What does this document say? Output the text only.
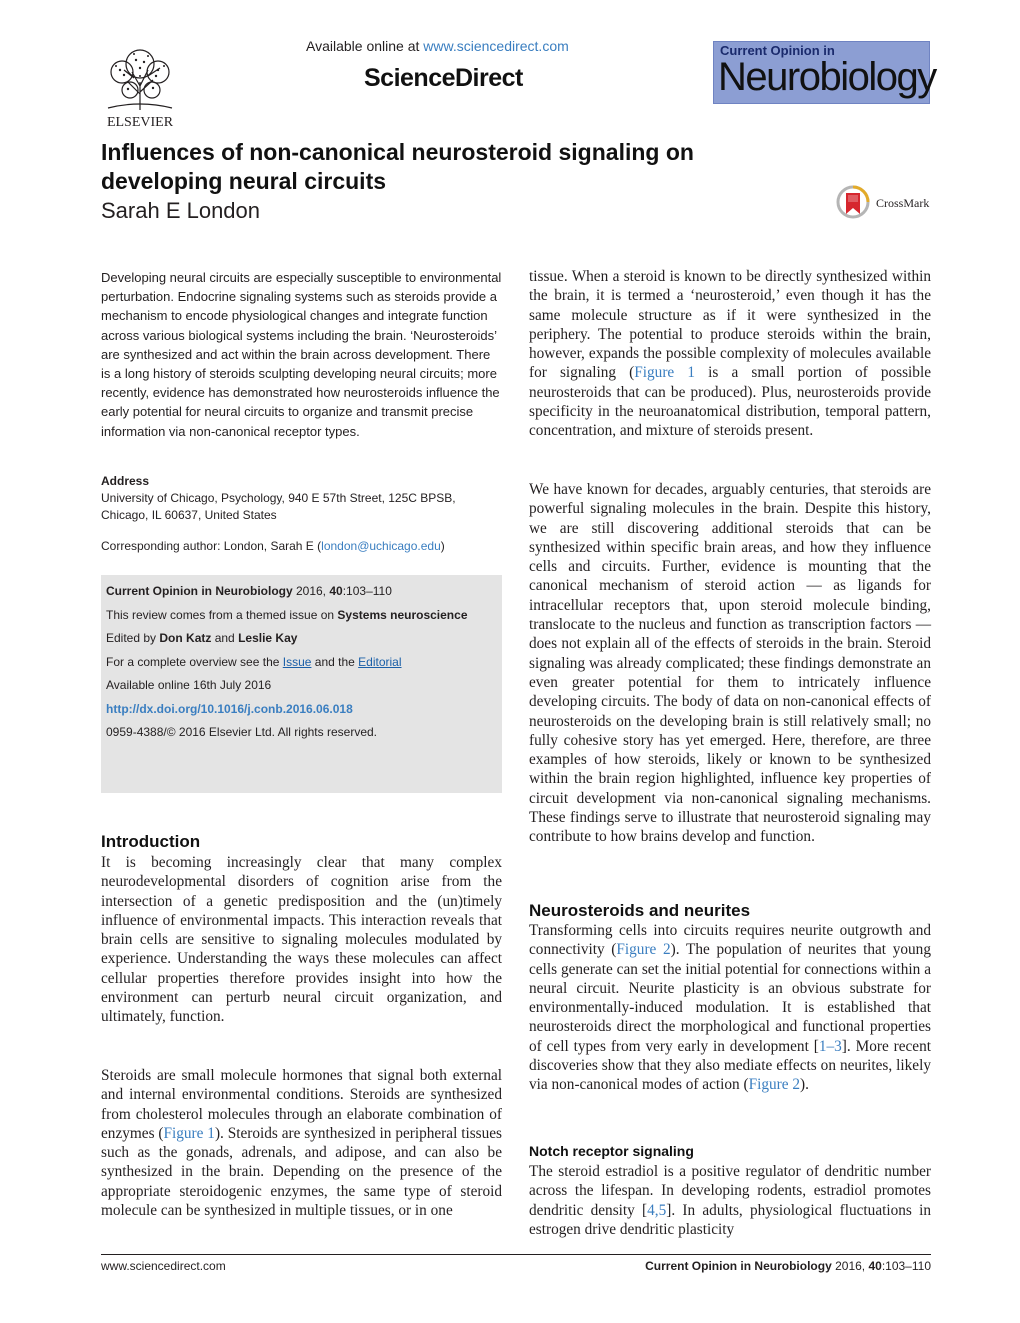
ELSEVIER
Available online at www.sciencedirect.com
ScienceDirect
Current Opinion in
Neurobiology
Influences of non-canonical neurosteroid signaling on developing neural circuits
Sarah E London	CrossMark
Developing neural circuits are especially susceptible to environmental perturbation. Endocrine signaling systems such as steroids provide a mechanism to encode physiological changes and integrate function across various biological systems including the brain. ‘Neurosteroids’ are synthesized and act within the brain across development. There is a long history of steroids sculpting developing neural circuits; more recently, evidence has demonstrated how neurosteroids influence the early potential for neural circuits to organize and transmit precise information via non-canonical receptor types.
Address
University of Chicago, Psychology, 940 E 57th Street, 125C BPSB,
Chicago, IL 60637, United States
Corresponding author: London, Sarah E (london@uchicago.edu)
Current Opinion in Neurobiology 2016, 40:103–110
This review comes from a themed issue on Systems neuroscience
Edited by Don Katz and Leslie Kay
For a complete overview see the Issue and the Editorial
Available online 16th July 2016
http://dx.doi.org/10.1016/j.conb.2016.06.018
0959-4388/© 2016 Elsevier Ltd. All rights reserved.
Introduction

It is becoming increasingly clear that many complex neurodevelopmental disorders of cognition arise from the intersection of a genetic predisposition and the (un)timely influence of environmental impacts. This interaction reveals that brain cells are sensitive to signaling molecules modulated by experience. Understanding the ways these molecules can affect cellular properties therefore provides insight into how the environment can perturb neural circuit organization, and ultimately, function.

Steroids are small molecule hormones that signal both external and internal environmental conditions. Steroids are synthesized from cholesterol molecules through an elaborate combination of enzymes (Figure 1). Steroids are synthesized in peripheral tissues such as the gonads, adrenals, and adipose, and can also be synthesized in the brain. Depending on the presence of the appropriate steroidogenic enzymes, the same type of steroid molecule can be synthesized in multiple tissues, or in one

tissue. When a steroid is known to be directly synthesized within the brain, it is termed a ‘neurosteroid,’ even though it has the same molecule structure as if it were synthesized in the periphery. The potential to produce steroids within the brain, however, expands the possible complexity of molecules available for signaling (Figure 1 is a small portion of possible neurosteroids that can be produced). Plus, neurosteroids provide specificity in the neuroanatomical distribution, temporal pattern, concentration, and mixture of steroids present.

We have known for decades, arguably centuries, that steroids are powerful signaling molecules in the brain. Despite this history, we are still discovering additional steroids that can be synthesized within specific brain areas, and how they influence cells and circuits. Further, evidence is mounting that the canonical mechanism of steroid action — as ligands for intracellular receptors that, upon steroid molecule binding, translocate to the nucleus and function as transcription factors — does not explain all of the effects of steroids in the brain. Steroid signaling was already complicated; these findings demonstrate an even greater potential for them to intricately influence developing circuits. The body of data on non-canonical effects of neurosteroids on the developing brain is still relatively small; no fully cohesive story has yet emerged. Here, therefore, are three examples of how steroids, likely or known to be synthesized within the brain region highlighted, influence key properties of circuit development via non-canonical signaling mechanisms. These findings serve to illustrate that neurosteroid signaling may contribute to how brains develop and function.

Neurosteroids and neurites

Transforming cells into circuits requires neurite outgrowth and connectivity (Figure 2). The population of neurites that young cells generate can set the initial potential for connections within a neural circuit. Neurite plasticity is an obvious substrate for environmentally-induced modulation. It is established that neurosteroids direct the morphological and functional properties of cell types from very early in development [1–3]. More recent discoveries show that they also mediate effects on neurites, likely via non-canonical modes of action (Figure 2).

Notch receptor signaling

The steroid estradiol is a positive regulator of dendritic number across the lifespan. In developing rodents, estradiol promotes dendritic density [4,5]. In adults, physiological fluctuations in estrogen drive dendritic plasticity

www.sciencedirect.com	Current Opinion in Neurobiology 2016, 40:103–110
